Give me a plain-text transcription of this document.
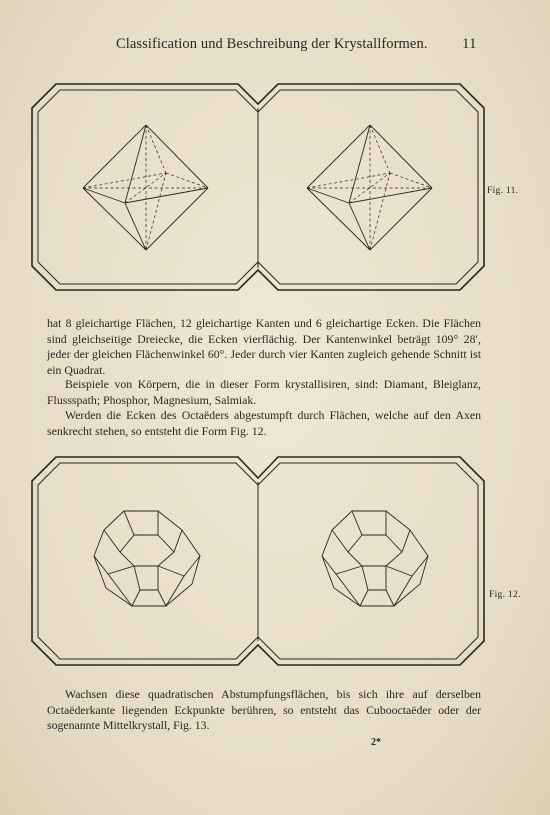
Classification und Beschreibung der Krystallformen. 11
Fig. 11.

hat 8 gleichartige Flächen, 12 gleichartige Kanten und 6 gleichartige Ecken. Die Flächen sind gleichseitige Dreiecke, die Ecken vierflächig. Der Kantenwinkel beträgt 109° 28′, jeder der gleichen Flächenwinkel 60°. Jeder durch vier Kanten zugleich gehende Schnitt ist ein Quadrat.

Beispiele von Körpern, die in dieser Form krystallisiren, sind: Diamant, Bleiglanz, Flussspath; Phosphor, Magnesium, Salmiak.

Werden die Ecken des Octaëders abgestumpft durch Flächen, welche auf den Axen senkrecht stehen, so entsteht die Form Fig. 12.

Fig. 12.

Wachsen diese quadratischen Abstumpfungsflächen, bis sich ihre auf derselben Octaëderkante liegenden Eckpunkte berühren, so entsteht das Cubooctaëder oder der sogenannte Mittelkrystall, Fig. 13.

2*
